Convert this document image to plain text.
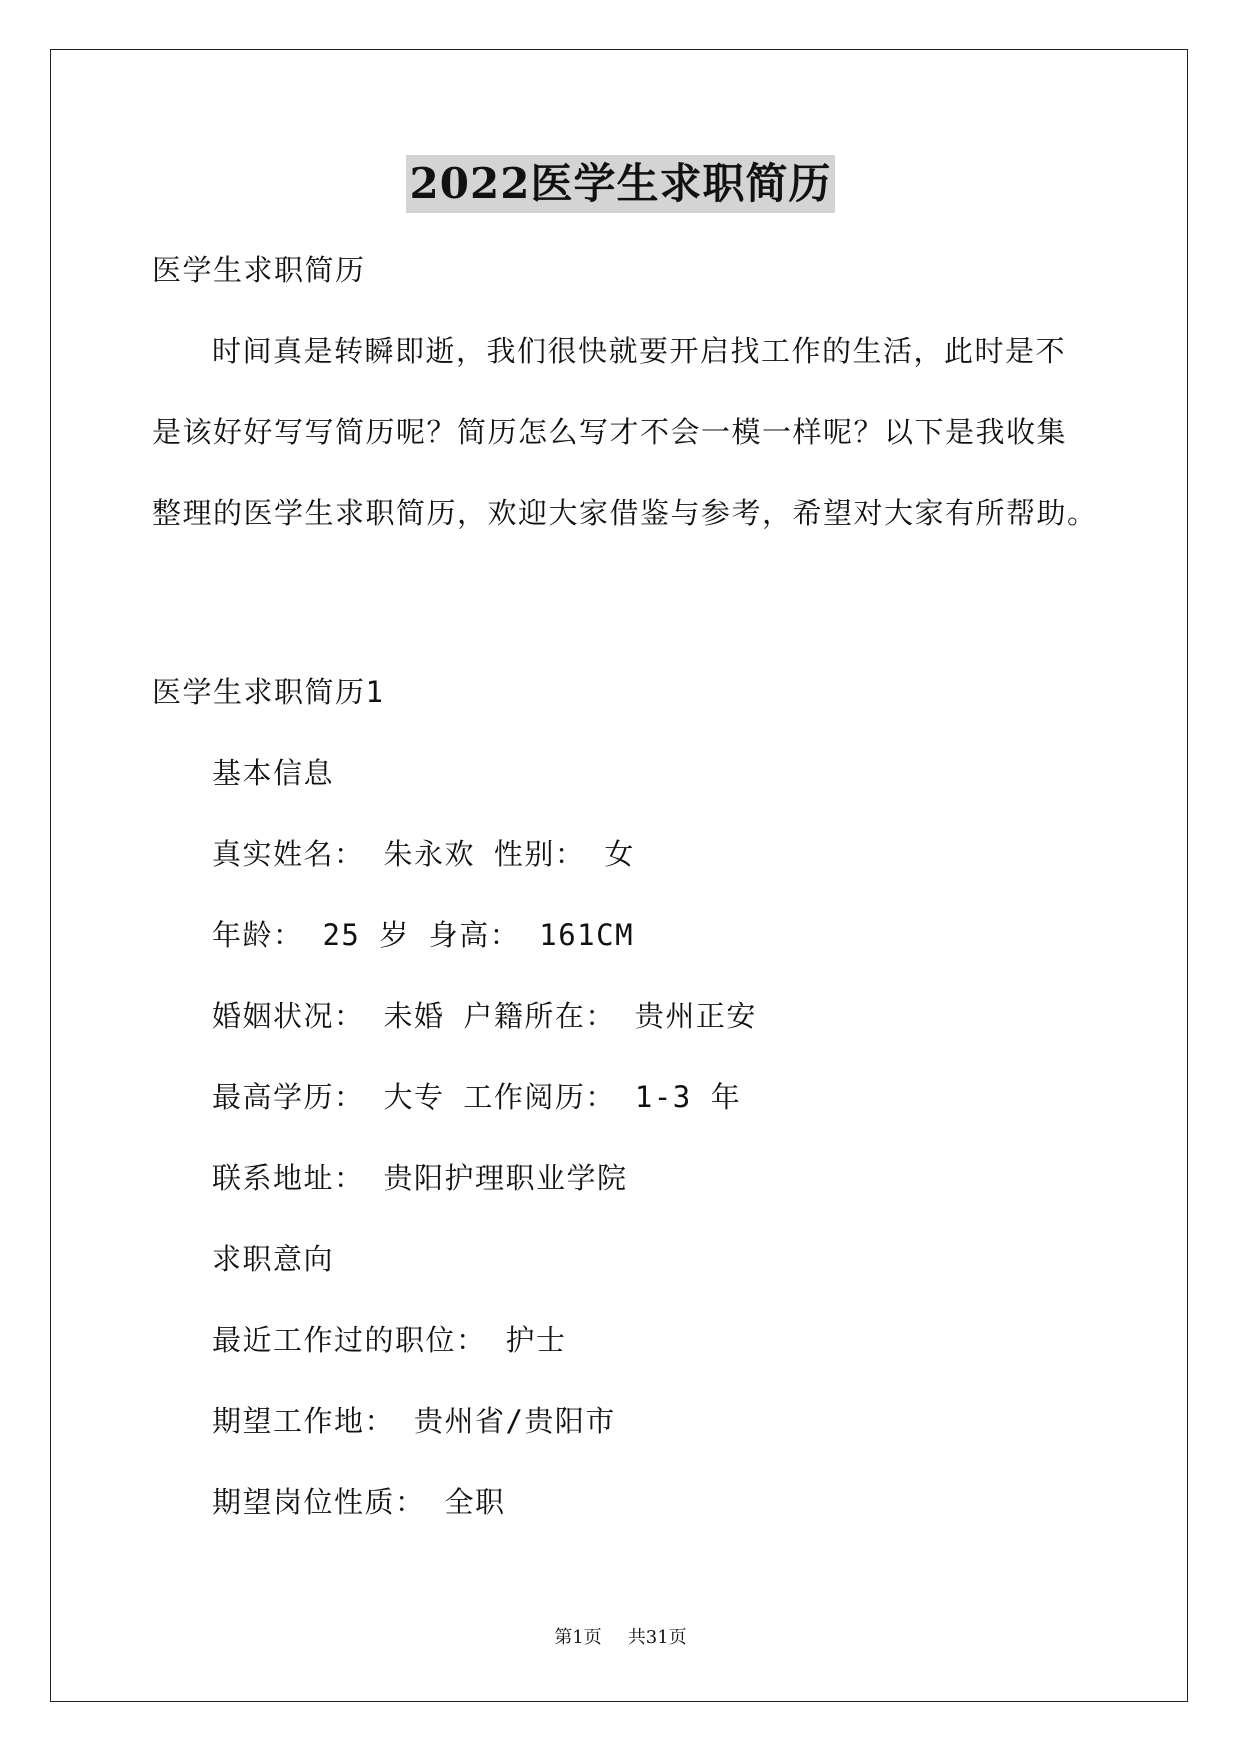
2022医学生求职简历
医学生求职简历
时间真是转瞬即逝，我们很快就要开启找工作的生活，此时是不
是该好好写写简历呢？简历怎么写才不会一模一样呢？以下是我收集
整理的医学生求职简历，欢迎大家借鉴与参考，希望对大家有所帮助。
医学生求职简历1
基本信息
真实姓名： 朱永欢 性别： 女
年龄： 25 岁 身高： 161CM
婚姻状况： 未婚 户籍所在： 贵州正安
最高学历： 大专 工作阅历： 1-3 年
联系地址： 贵阳护理职业学院
求职意向
最近工作过的职位： 护士
期望工作地： 贵州省/贵阳市
期望岗位性质： 全职
第1页 共31页
